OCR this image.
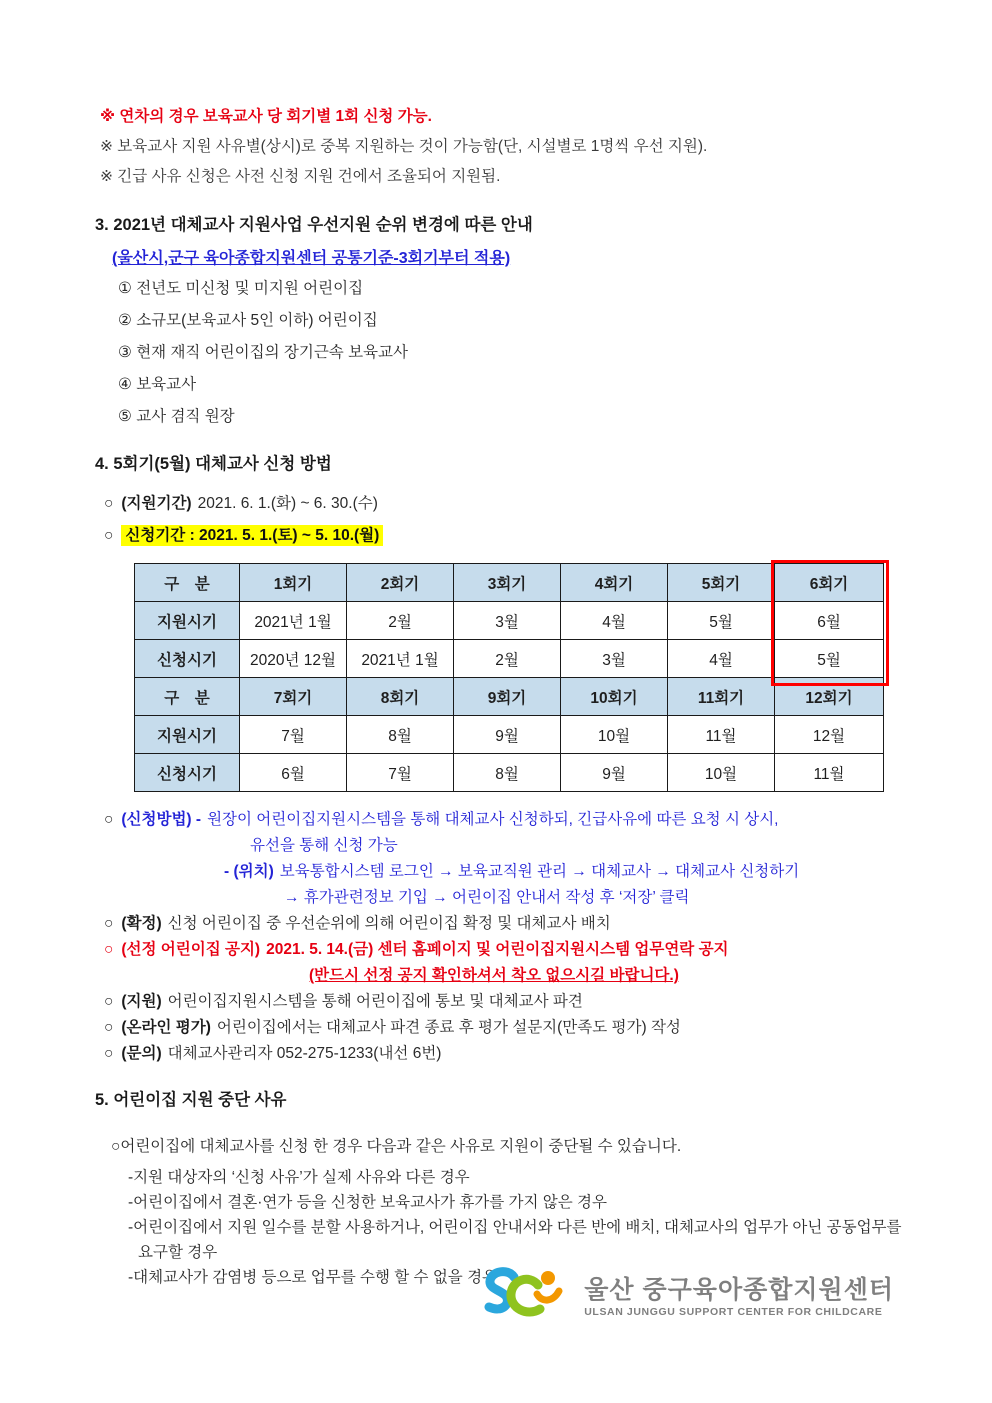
※ 연차의 경우 보육교사 당 회기별 1회 신청 가능.
※ 보육교사 지원 사유별(상시)로 중복 지원하는 것이 가능함(단, 시설별로 1명씩 우선 지원).
※ 긴급 사유 신청은 사전 신청 지원 건에서 조율되어 지원됨.
3. 2021년 대체교사 지원사업 우선지원 순위 변경에 따른 안내
(울산시,군구 육아종합지원센터 공통기준-3회기부터 적용)
① 전년도 미신청 및 미지원 어린이집
② 소규모(보육교사 5인 이하) 어린이집
③ 현재 재직 어린이집의 장기근속 보육교사
④ 보육교사
⑤ 교사 겸직 원장
4. 5회기(5월) 대체교사 신청 방법
○ (지원기간) 2021. 6. 1.(화) ~ 6. 30.(수)
○ 신청기간 : 2021. 5. 1.(토) ~ 5. 10.(월)
구　분	1회기	2회기	3회기	4회기	5회기	6회기
지원시기	2021년 1월	2월	3월	4월	5월	6월
신청시기	2020년 12월	2021년 1월	2월	3월	4월	5월
구　분	7회기	8회기	9회기	10회기	11회기	12회기
지원시기	7월	8월	9월	10월	11월	12월
신청시기	6월	7월	8월	9월	10월	11월
○ (신청방법) - 원장이 어린이집지원시스템을 통해 대체교사 신청하되, 긴급사유에 따른 요청 시 상시,
유선을 통해 신청 가능
- (위치) 보육통합시스템 로그인 → 보육교직원 관리 → 대체교사 → 대체교사 신청하기
→ 휴가관련정보 기입 → 어린이집 안내서 작성 후 ‘저장’ 클릭
○ (확정) 신청 어린이집 중 우선순위에 의해 어린이집 확정 및 대체교사 배치
○ (선정 어린이집 공지) 2021. 5. 14.(금) 센터 홈페이지 및 어린이집지원시스템 업무연락 공지
(반드시 선정 공지 확인하셔서 착오 없으시길 바랍니다.)
○ (지원) 어린이집지원시스템을 통해 어린이집에 통보 및 대체교사 파견
○ (온라인 평가) 어린이집에서는 대체교사 파견 종료 후 평가 설문지(만족도 평가) 작성
○ (문의) 대체교사관리자 052-275-1233(내선 6번)
5. 어린이집 지원 중단 사유
○어린이집에 대체교사를 신청 한 경우 다음과 같은 사유로 지원이 중단될 수 있습니다.
-지원 대상자의 ‘신청 사유’가 실제 사유와 다른 경우
-어린이집에서 결혼·연가 등을 신청한 보육교사가 휴가를 가지 않은 경우
-어린이집에서 지원 일수를 분할 사용하거나, 어린이집 안내서와 다른 반에 배치, 대체교사의 업무가 아닌 공동업무를 요구할 경우
-대체교사가 감염병 등으로 업무를 수행 할 수 없을 경우	울산 중구육아종합지원센터
ULSAN JUNGGU SUPPORT CENTER FOR CHILDCARE
